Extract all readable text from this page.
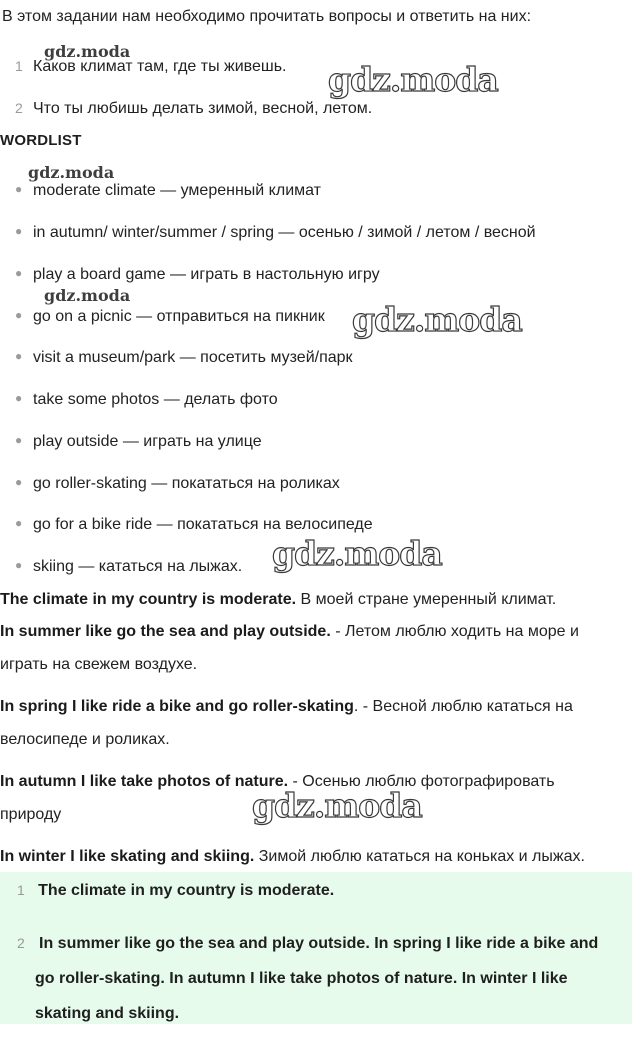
В этом задании нам необходимо прочитать вопросы и ответить на них:
1 Каков климат там, где ты живешь.
2 Что ты любишь делать зимой, весной, летом.
WORDLIST
● moderate climate — умеренный климат
● in autumn/ winter/summer / spring — осенью / зимой / летом / весной
● play a board game — играть в настольную игру
● go on a picnic — отправиться на пикник
● visit a museum/park — посетить музей/парк
● take some photos — делать фото
● play outside — играть на улице
● go roller-skating — покататься на роликах
● go for a bike ride — покататься на велосипеде
● skiing — кататься на лыжах.
The climate in my country is moderate. В моей стране умеренный климат.
In summer like go the sea and play outside. - Летом люблю ходить на море и играть на свежем воздухе.
In spring I like ride a bike and go roller-skating. - Весной люблю кататься на велосипеде и роликах.
In autumn I like take photos of nature. - Осенью люблю фотографировать природу
In winter I like skating and skiing. Зимой люблю кататься на коньках и лыжах.
1 The climate in my country is moderate.
2 In summer like go the sea and play outside. In spring I like ride a bike and go roller-skating. In autumn I like take photos of nature. In winter I like skating and skiing.
gdz.moda
gdz.moda
gdz.moda
gdz.moda
gdz.moda
gdz.moda
gdz.moda
